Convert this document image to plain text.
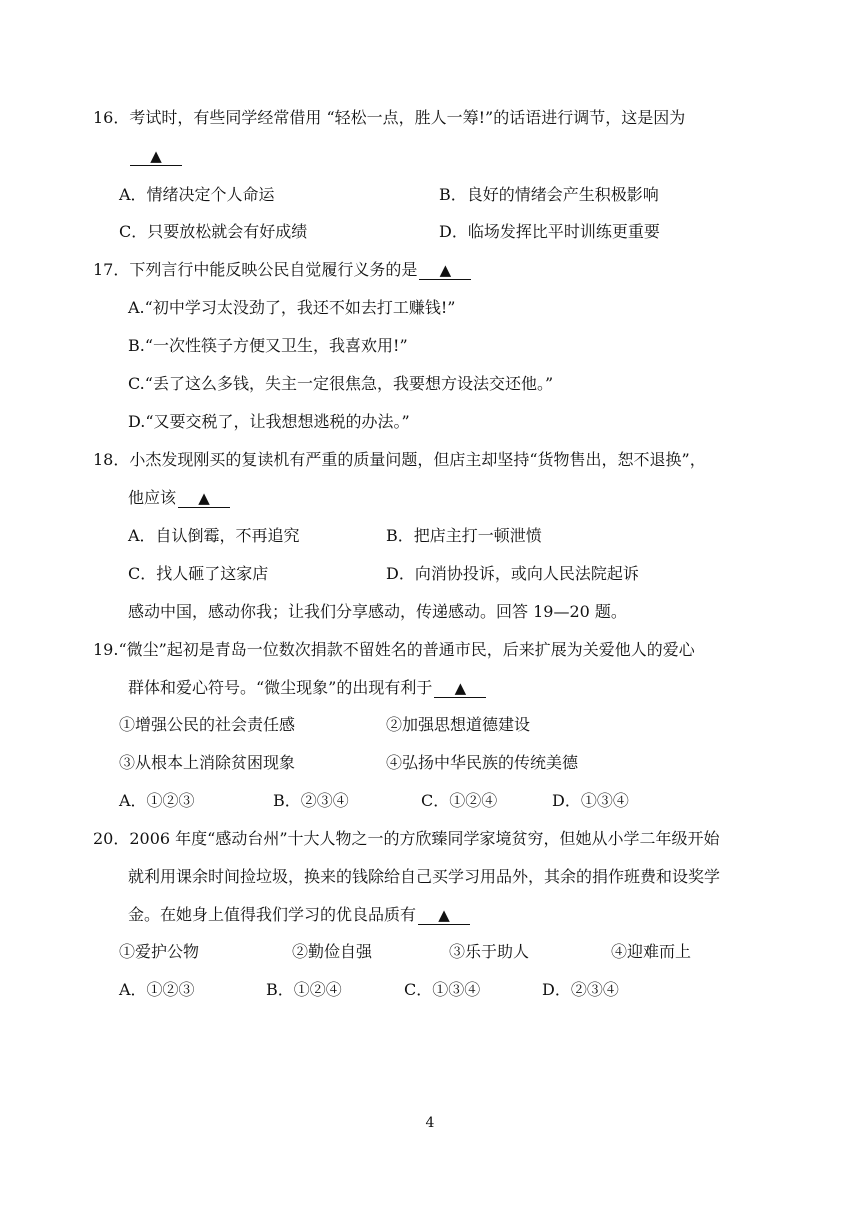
16．考试时，有些同学经常借用 “轻松一点，胜人一筹!”的话语进行调节，这是因为
▲
A．情绪决定个人命运	B．良好的情绪会产生积极影响
C．只要放松就会有好成绩	D．临场发挥比平时训练更重要
17．下列言行中能反映公民自觉履行义务的是 ▲
A.“初中学习太没劲了，我还不如去打工赚钱!”
B.“一次性筷子方便又卫生，我喜欢用!”
C.“丢了这么多钱，失主一定很焦急，我要想方设法交还他。”
D.“又要交税了，让我想想逃税的办法。”
18．小杰发现刚买的复读机有严重的质量问题，但店主却坚持“货物售出，恕不退换”，
他应该 ▲
A．自认倒霉，不再追究	B．把店主打一顿泄愤
C．找人砸了这家店	D．向消协投诉，或向人民法院起诉
感动中国，感动你我；让我们分享感动，传递感动。回答 19—20 题。
19.“微尘”起初是青岛一位数次捐款不留姓名的普通市民，后来扩展为关爱他人的爱心
群体和爱心符号。“微尘现象”的出现有利于 ▲
①增强公民的社会责任感	②加强思想道德建设
③从根本上消除贫困现象	④弘扬中华民族的传统美德
A．①②③	B．②③④	C．①②④	D．①③④
20．2006 年度“感动台州”十大人物之一的方欣臻同学家境贫穷，但她从小学二年级开始
就利用课余时间捡垃圾，换来的钱除给自己买学习用品外，其余的捐作班费和设奖学
金。在她身上值得我们学习的优良品质有 ▲
①爱护公物	②勤俭自强	③乐于助人	④迎难而上
A．①②③	B．①②④	C．①③④	D．②③④
4
